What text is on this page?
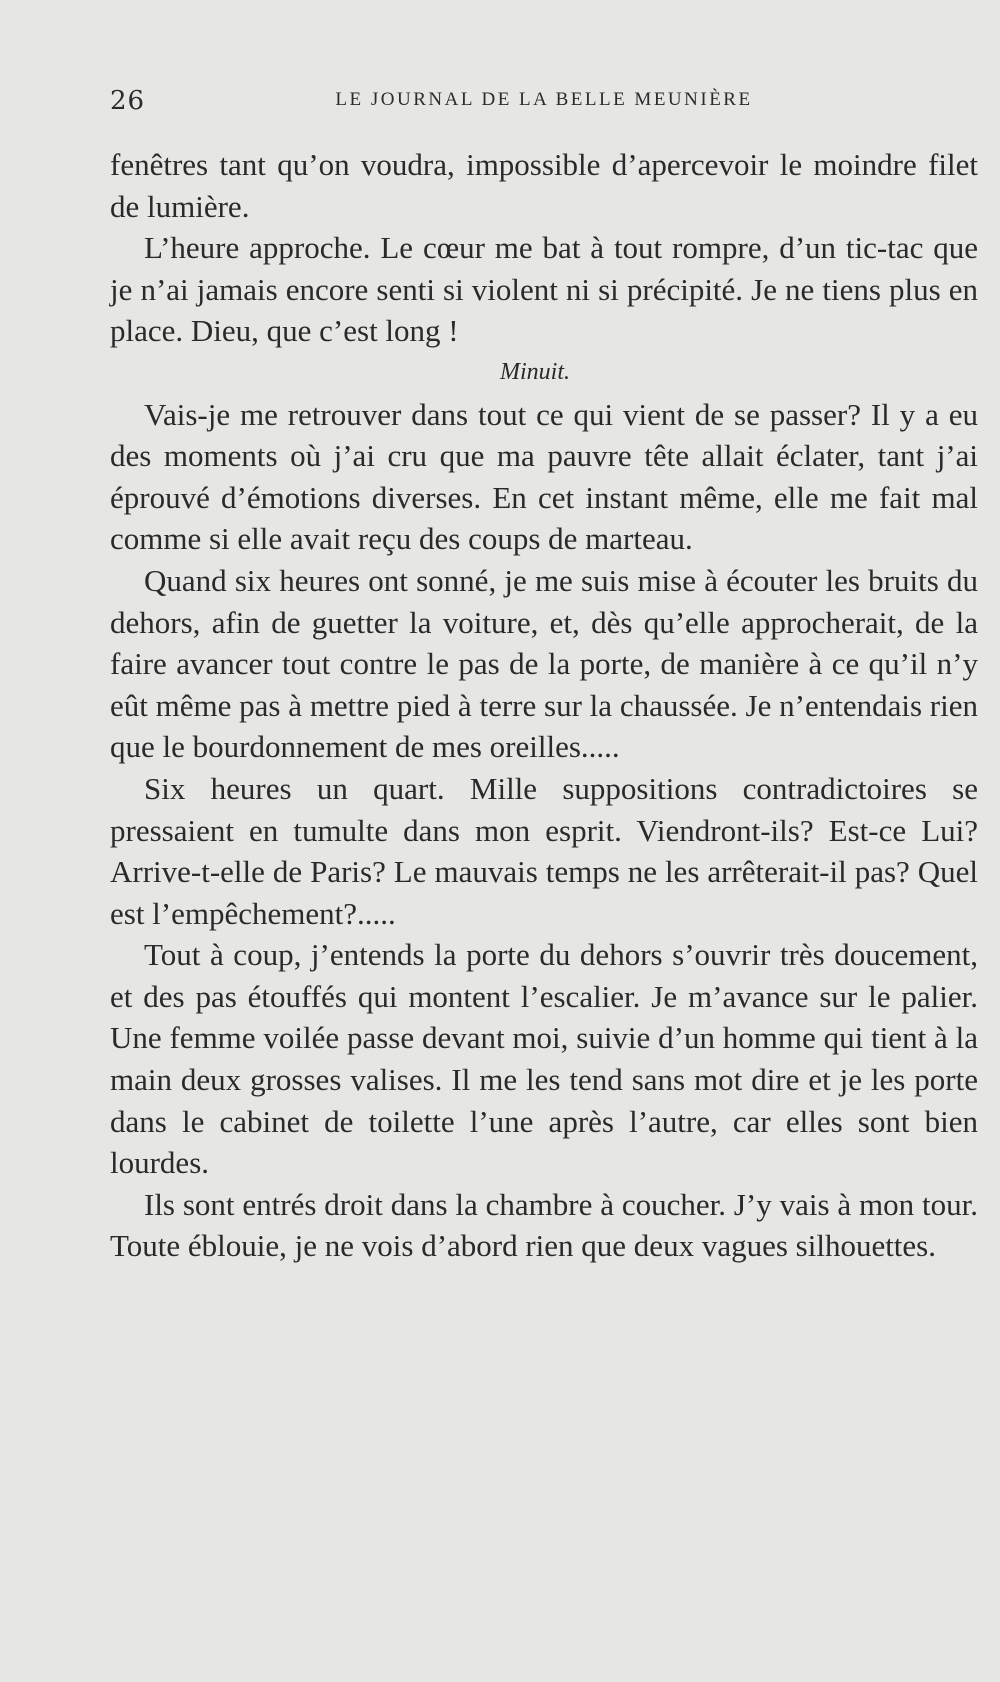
26	LE JOURNAL DE LA BELLE MEUNIÈRE

fenêtres tant qu’on voudra, impossible d’apercevoir le moindre filet de lumière.

L’heure approche. Le cœur me bat à tout rompre, d’un tic-tac que je n’ai jamais encore senti si violent ni si précipité. Je ne tiens plus en place. Dieu, que c’est long !

Minuit.

Vais-je me retrouver dans tout ce qui vient de se passer? Il y a eu des moments où j’ai cru que ma pauvre tête allait éclater, tant j’ai éprouvé d’émotions diverses. En cet instant même, elle me fait mal comme si elle avait reçu des coups de marteau.

Quand six heures ont sonné, je me suis mise à écouter les bruits du dehors, afin de guetter la voiture, et, dès qu’elle approcherait, de la faire avancer tout contre le pas de la porte, de manière à ce qu’il n’y eût même pas à mettre pied à terre sur la chaussée. Je n’entendais rien que le bourdonnement de mes oreilles.....

Six heures un quart. Mille suppositions contradictoires se pressaient en tumulte dans mon esprit. Viendront-ils? Est-ce Lui? Arrive-t-elle de Paris? Le mauvais temps ne les arrêterait-il pas? Quel est l’empêchement?.....

Tout à coup, j’entends la porte du dehors s’ouvrir très doucement, et des pas étouffés qui montent l’escalier. Je m’avance sur le palier. Une femme voilée passe devant moi, suivie d’un homme qui tient à la main deux grosses valises. Il me les tend sans mot dire et je les porte dans le cabinet de toilette l’une après l’autre, car elles sont bien lourdes.

Ils sont entrés droit dans la chambre à coucher. J’y vais à mon tour. Toute éblouie, je ne vois d’abord rien que deux vagues silhouettes.
